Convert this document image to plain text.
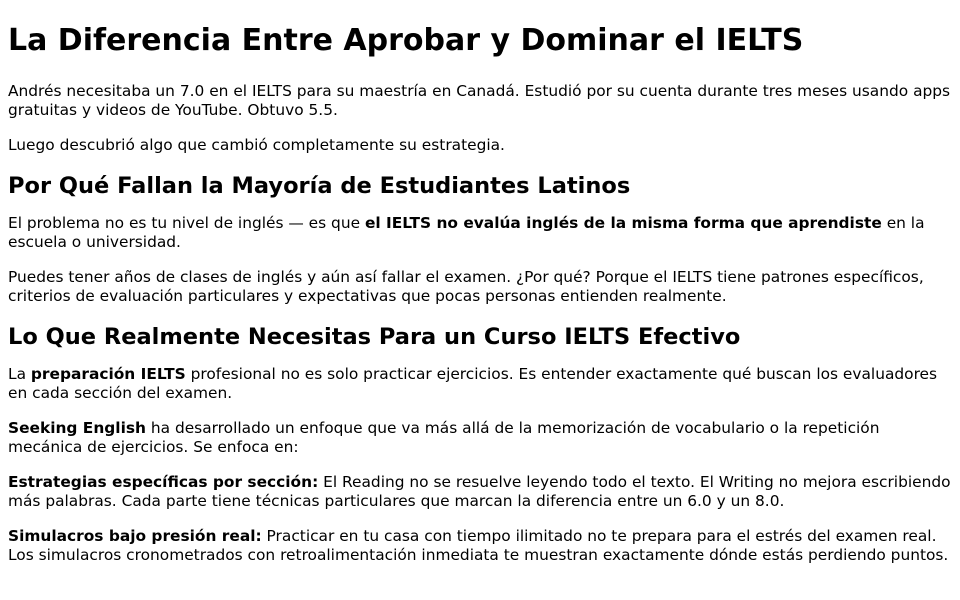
La Diferencia Entre Aprobar y Dominar el IELTS

Andrés necesitaba un 7.0 en el IELTS para su maestría en Canadá. Estudió por su cuenta durante tres meses usando apps gratuitas y videos de YouTube. Obtuvo 5.5.

Luego descubrió algo que cambió completamente su estrategia.

Por Qué Fallan la Mayoría de Estudiantes Latinos

El problema no es tu nivel de inglés — es que el IELTS no evalúa inglés de la misma forma que aprendiste en la escuela o universidad.

Puedes tener años de clases de inglés y aún así fallar el examen. ¿Por qué? Porque el IELTS tiene patrones específicos, criterios de evaluación particulares y expectativas que pocas personas entienden realmente.

Lo Que Realmente Necesitas Para un Curso IELTS Efectivo

La preparación IELTS profesional no es solo practicar ejercicios. Es entender exactamente qué buscan los evaluadores en cada sección del examen.

Seeking English ha desarrollado un enfoque que va más allá de la memorización de vocabulario o la repetición mecánica de ejercicios. Se enfoca en:

Estrategias específicas por sección: El Reading no se resuelve leyendo todo el texto. El Writing no mejora escribiendo más palabras. Cada parte tiene técnicas particulares que marcan la diferencia entre un 6.0 y un 8.0.

Simulacros bajo presión real: Practicar en tu casa con tiempo ilimitado no te prepara para el estrés del examen real. Los simulacros cronometrados con retroalimentación inmediata te muestran exactamente dónde estás perdiendo puntos.
